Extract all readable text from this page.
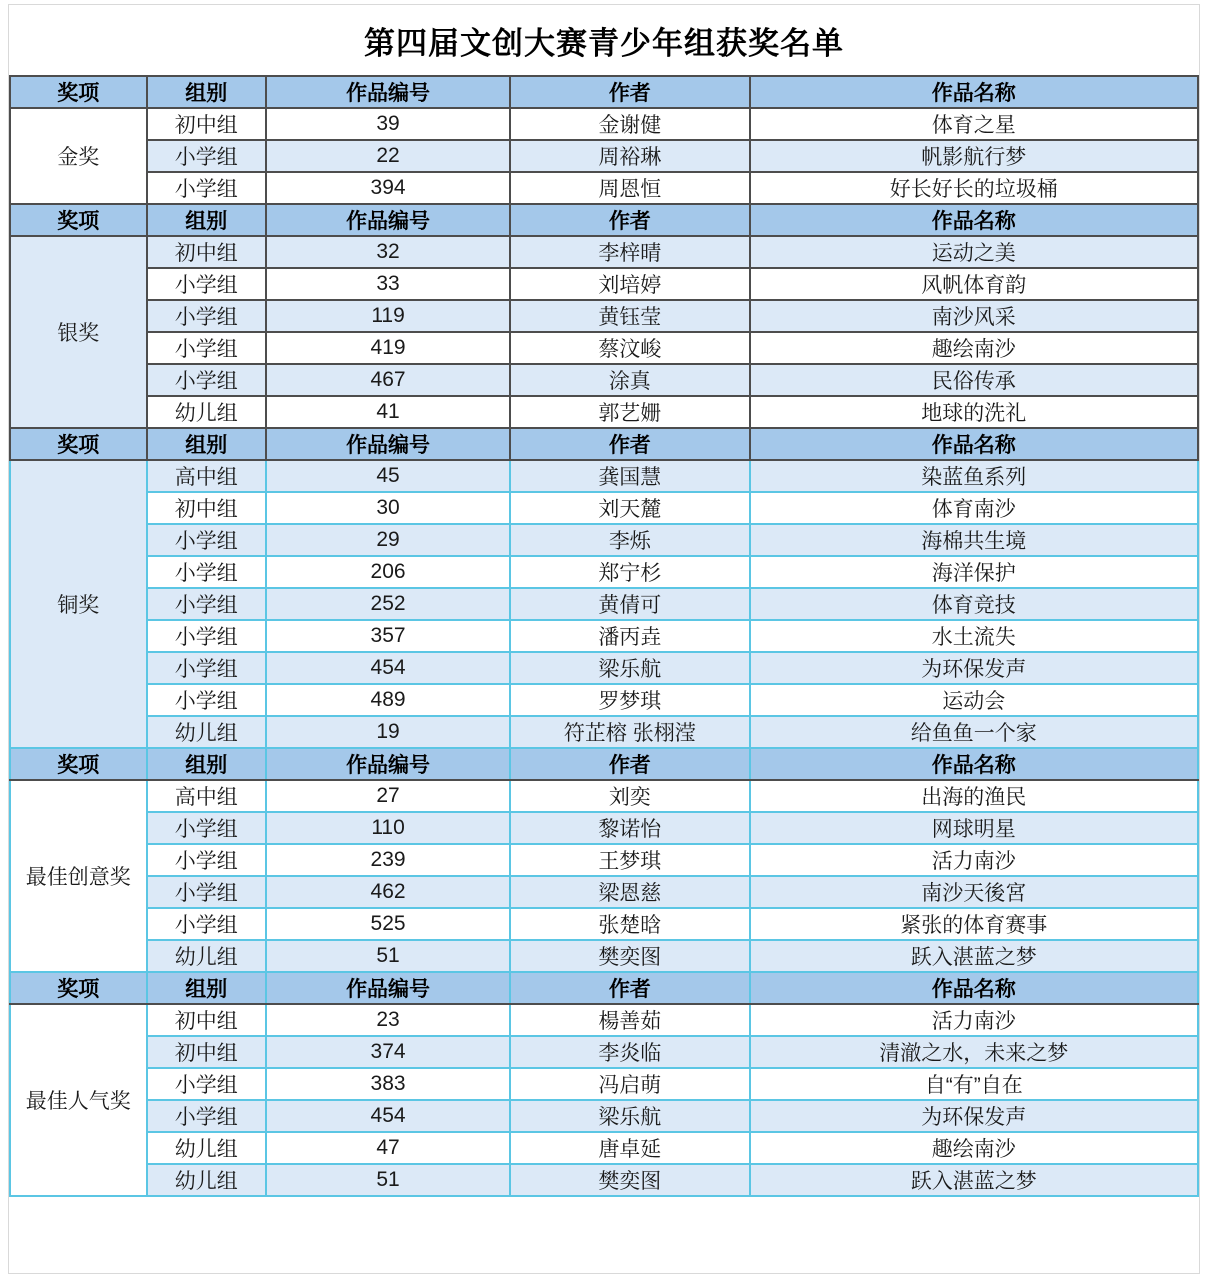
第四届文创大赛青少年组获奖名单
奖项	组别	作品编号	作者	作品名称
金奖	初中组	39	金谢健	体育之星
	小学组	22	周裕琳	帆影航行梦
	小学组	394	周恩恒	好长好长的垃圾桶
奖项	组别	作品编号	作者	作品名称
银奖	初中组	32	李梓晴	运动之美
	小学组	33	刘培婷	风帆体育韵
	小学组	119	黄钰莹	南沙风采
	小学组	419	蔡汶峻	趣绘南沙
	小学组	467	涂真	民俗传承
	幼儿组	41	郭艺姗	地球的洗礼
奖项	组别	作品编号	作者	作品名称
铜奖	高中组	45	龚国慧	染蓝鱼系列
	初中组	30	刘天麓	体育南沙
	小学组	29	李烁	海棉共生境
	小学组	206	郑宁杉	海洋保护
	小学组	252	黄倩可	体育竞技
	小学组	357	潘丙垚	水土流失
	小学组	454	梁乐航	为环保发声
	小学组	489	罗梦琪	运动会
	幼儿组	19	符芷榕 张栩滢	给鱼鱼一个家
奖项	组别	作品编号	作者	作品名称
最佳创意奖	高中组	27	刘奕	出海的渔民
	小学组	110	黎诺怡	网球明星
	小学组	239	王梦琪	活力南沙
	小学组	462	梁恩慈	南沙天後宮
	小学组	525	张楚晗	紧张的体育赛事
	幼儿组	51	樊奕图	跃入湛蓝之梦
奖项	组别	作品编号	作者	作品名称
最佳人气奖	初中组	23	楊善茹	活力南沙
	初中组	374	李炎临	清澈之水，未来之梦
	小学组	383	冯启萌	自“有”自在
	小学组	454	梁乐航	为环保发声
	幼儿组	47	唐卓延	趣绘南沙
	幼儿组	51	樊奕图	跃入湛蓝之梦
